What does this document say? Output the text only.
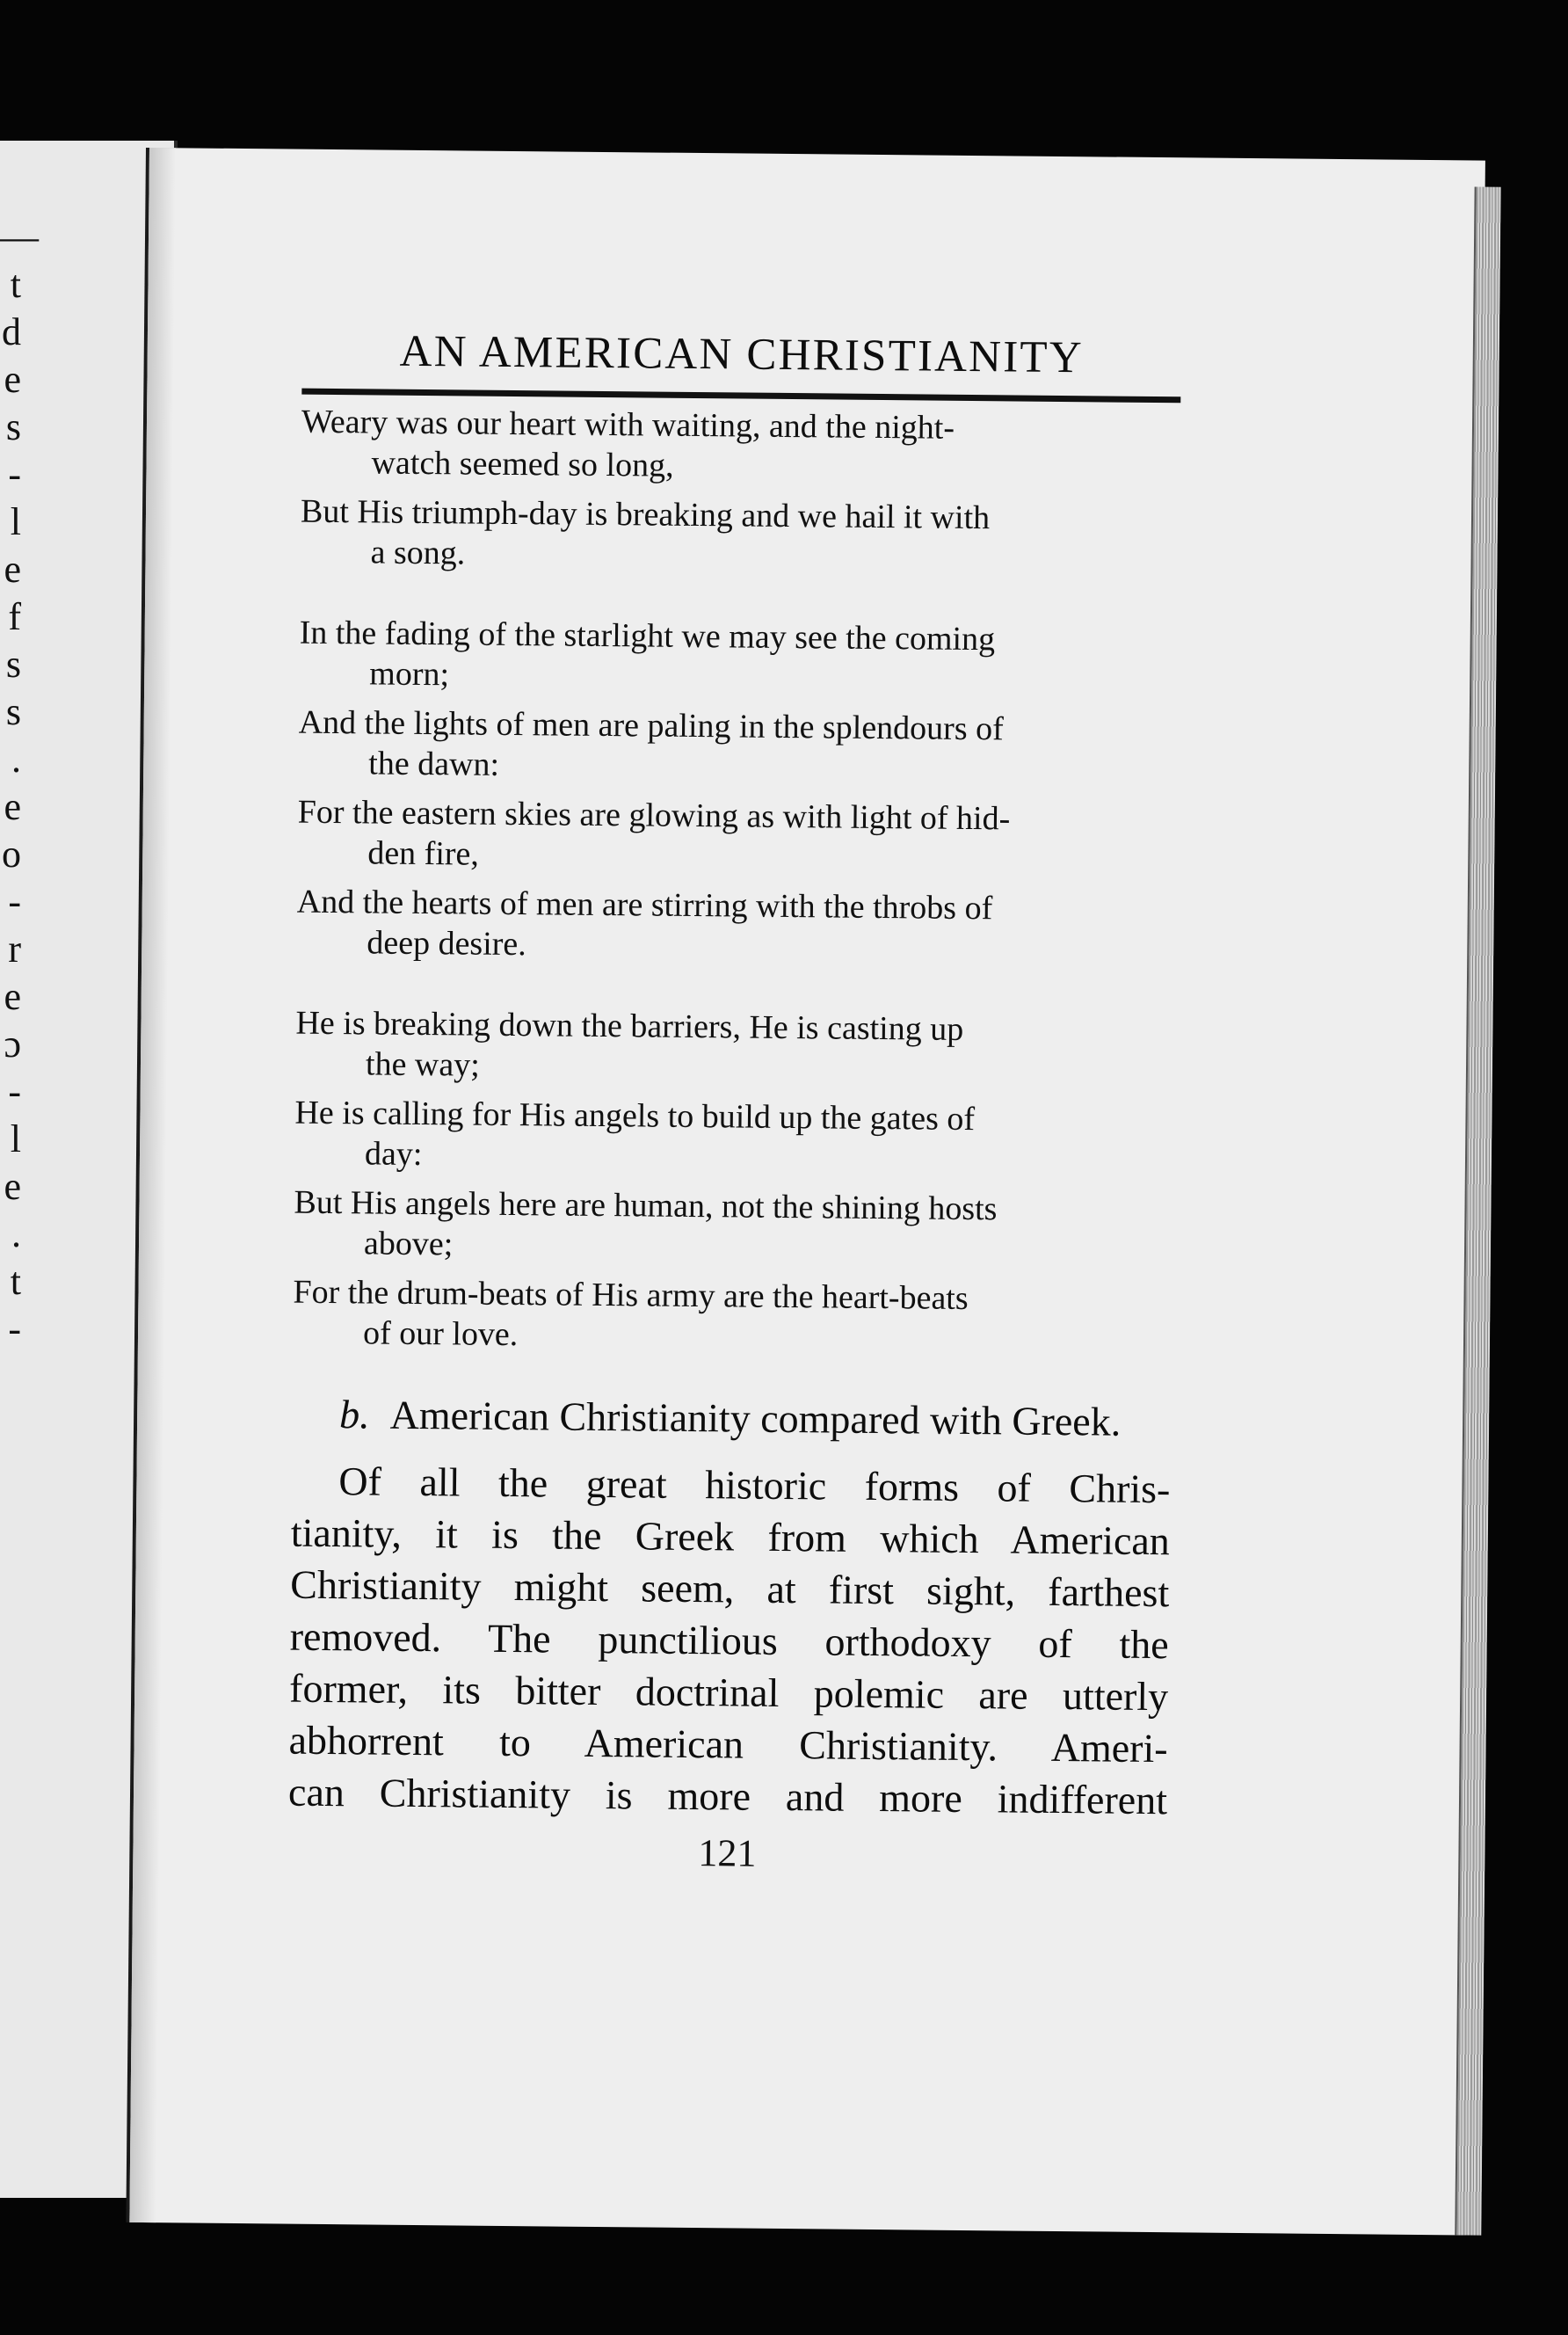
—
t
d
e
s
-
l
e
f
s
s
.
e
o
-
r
e
ɔ
-
l
e
.
t
-
AN AMERICAN CHRISTIANITY
Weary was our heart with waiting, and the night-
watch seemed so long,
But His triumph-day is breaking and we hail it with
a song.
In the fading of the starlight we may see the coming
morn;
And the lights of men are paling in the splendours of
the dawn:
For the eastern skies are glowing as with light of hid-
den fire,
And the hearts of men are stirring with the throbs of
deep desire.
He is breaking down the barriers, He is casting up
the way;
He is calling for His angels to build up the gates of
day:
But His angels here are human, not the shining hosts
above;
For the drum-beats of His army are the heart-beats
of our love.
b. American Christianity compared with Greek.
Of all the great historic forms of Chris-
tianity, it is the Greek from which American
Christianity might seem, at first sight, farthest
removed. The punctilious orthodoxy of the
former, its bitter doctrinal polemic are utterly
abhorrent to American Christianity. Ameri-
can Christianity is more and more indifferent
121
